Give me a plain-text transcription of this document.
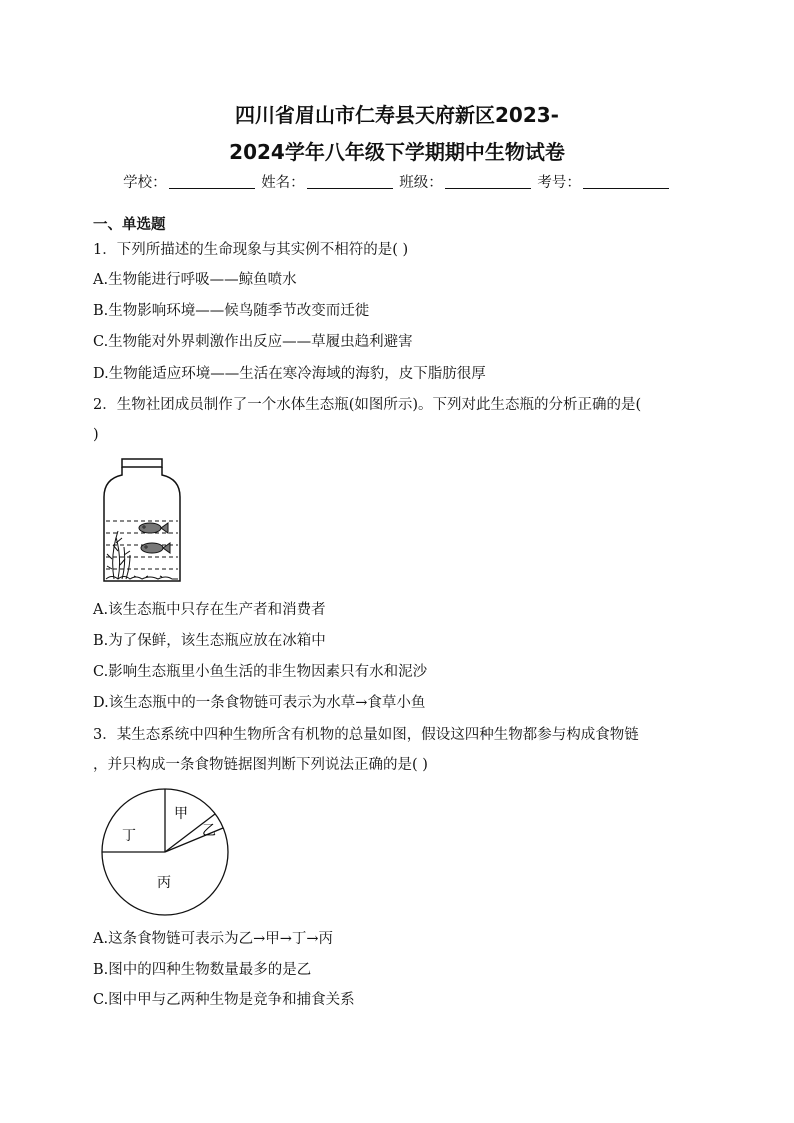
四川省眉山市仁寿县天府新区2023-
2024学年八年级下学期期中生物试卷
学校：	姓名：	班级：	考号：
一、单选题
1．下列所描述的生命现象与其实例不相符的是( )
A.生物能进行呼吸——鲸鱼喷水
B.生物影响环境——候鸟随季节改变而迁徙
C.生物能对外界刺激作出反应——草履虫趋利避害
D.生物能适应环境——生活在寒冷海域的海豹，皮下脂肪很厚
2．生物社团成员制作了一个水体生态瓶(如图所示)。下列对此生态瓶的分析正确的是(
)
A.该生态瓶中只存在生产者和消费者
B.为了保鲜，该生态瓶应放在冰箱中
C.影响生态瓶里小鱼生活的非生物因素只有水和泥沙
D.该生态瓶中的一条食物链可表示为水草→食草小鱼
3．某生态系统中四种生物所含有机物的总量如图，假设这四种生物都参与构成食物链
，并只构成一条食物链据图判断下列说法正确的是( )
甲
乙
丁
丙
A.这条食物链可表示为乙→甲→丁→丙
B.图中的四种生物数量最多的是乙
C.图中甲与乙两种生物是竞争和捕食关系
